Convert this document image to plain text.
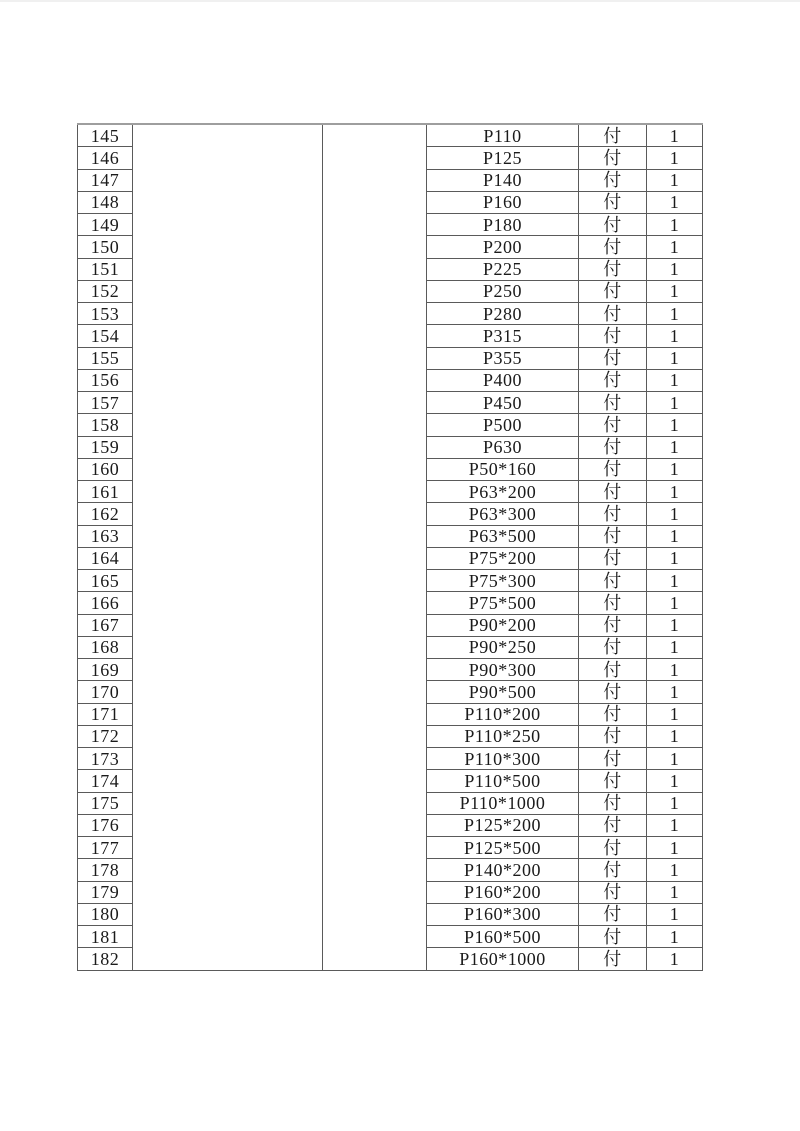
145			P110	付	1
146			P125	付	1
147			P140	付	1
148			P160	付	1
149			P180	付	1
150			P200	付	1
151			P225	付	1
152			P250	付	1
153			P280	付	1
154			P315	付	1
155			P355	付	1
156			P400	付	1
157			P450	付	1
158			P500	付	1
159			P630	付	1
160			P50*160	付	1
161			P63*200	付	1
162			P63*300	付	1
163			P63*500	付	1
164			P75*200	付	1
165			P75*300	付	1
166			P75*500	付	1
167			P90*200	付	1
168			P90*250	付	1
169			P90*300	付	1
170			P90*500	付	1
171			P110*200	付	1
172			P110*250	付	1
173			P110*300	付	1
174			P110*500	付	1
175			P110*1000	付	1
176			P125*200	付	1
177			P125*500	付	1
178			P140*200	付	1
179			P160*200	付	1
180			P160*300	付	1
181			P160*500	付	1
182			P160*1000	付	1
